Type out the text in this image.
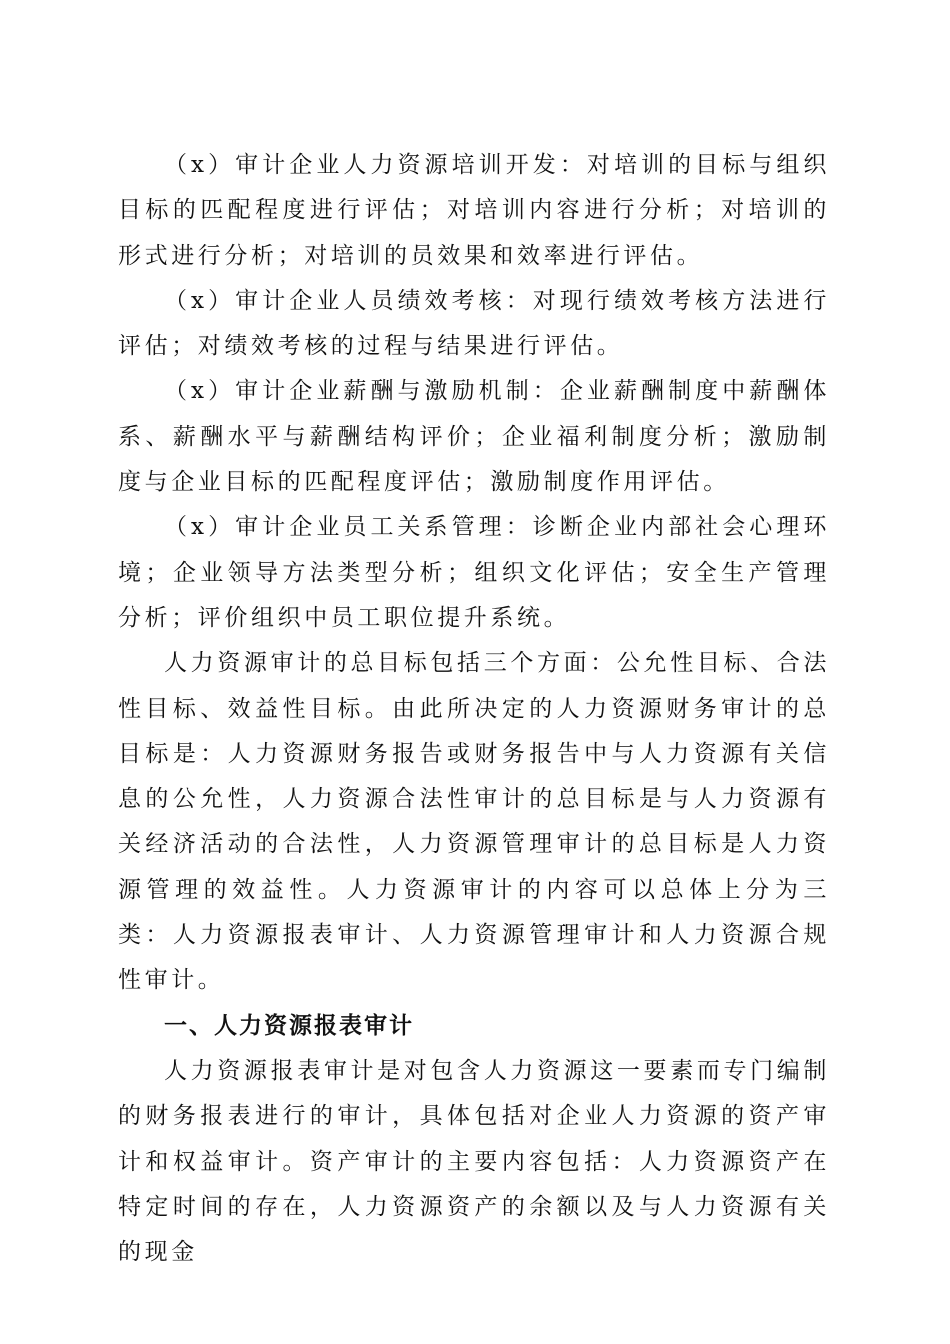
（x）审计企业人力资源培训开发：对培训的目标与组织目标的匹配程度进行评估；对培训内容进行分析；对培训的形式进行分析；对培训的员效果和效率进行评估。

（x）审计企业人员绩效考核：对现行绩效考核方法进行评估；对绩效考核的过程与结果进行评估。

（x）审计企业薪酬与激励机制：企业薪酬制度中薪酬体系、薪酬水平与薪酬结构评价；企业福利制度分析；激励制度与企业目标的匹配程度评估；激励制度作用评估。

（x）审计企业员工关系管理：诊断企业内部社会心理环境；企业领导方法类型分析；组织文化评估；安全生产管理分析；评价组织中员工职位提升系统。

人力资源审计的总目标包括三个方面：公允性目标、合法性目标、效益性目标。由此所决定的人力资源财务审计的总目标是：人力资源财务报告或财务报告中与人力资源有关信息的公允性，人力资源合法性审计的总目标是与人力资源有关经济活动的合法性，人力资源管理审计的总目标是人力资源管理的效益性。人力资源审计的内容可以总体上分为三类：人力资源报表审计、人力资源管理审计和人力资源合规性审计。

一、人力资源报表审计

人力资源报表审计是对包含人力资源这一要素而专门编制的财务报表进行的审计，具体包括对企业人力资源的资产审计和权益审计。资产审计的主要内容包括：人力资源资产在特定时间的存在，人力资源资产的余额以及与人力资源有关的现金
